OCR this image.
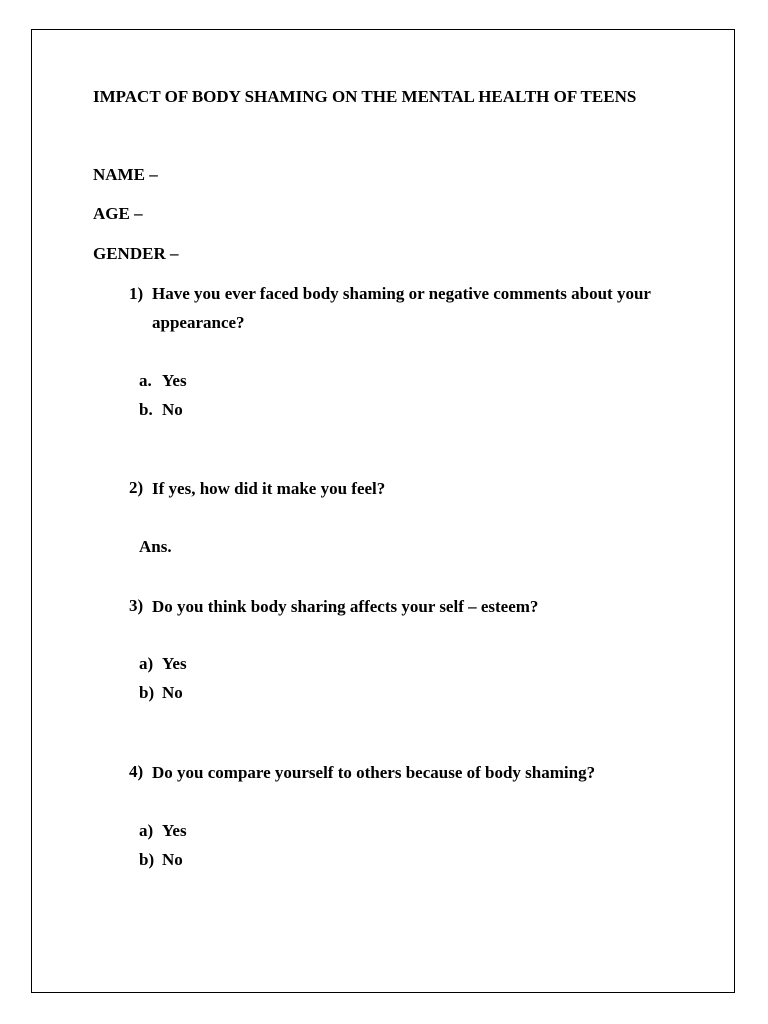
IMPACT OF BODY SHAMING ON THE MENTAL HEALTH OF TEENS
NAME –
AGE –
GENDER –
1) Have you ever faced body shaming or negative comments about your appearance?
a. Yes
b. No
2) If yes, how did it make you feel?
Ans.
3) Do you think body sharing affects your self – esteem?
a) Yes
b) No
4) Do you compare yourself to others because of body shaming?
a) Yes
b) No
